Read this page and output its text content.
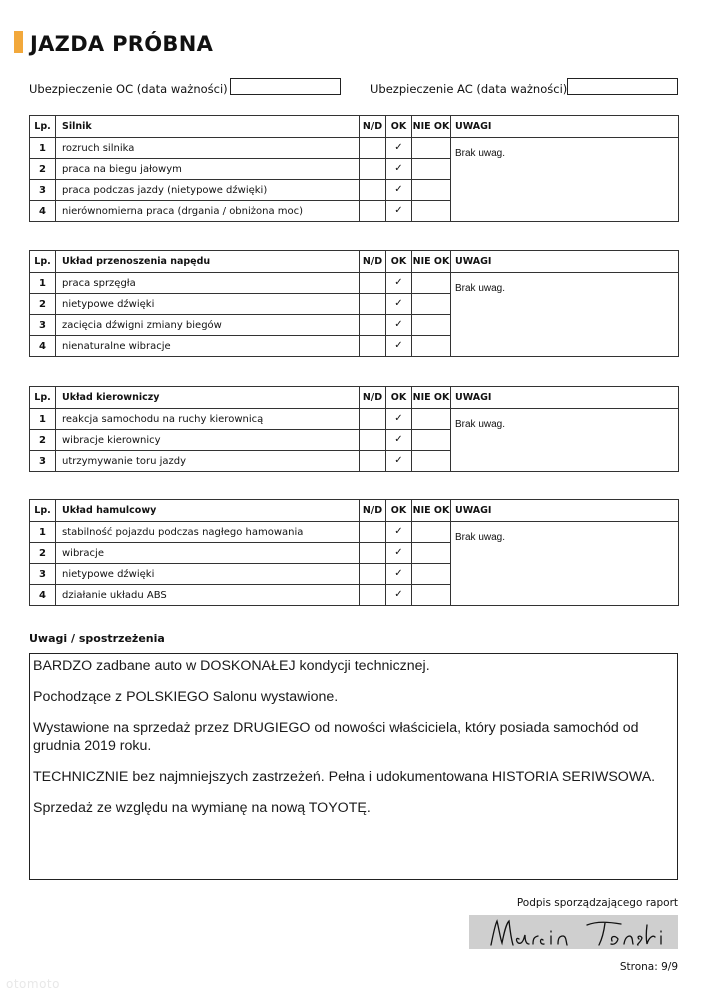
JAZDA PRÓBNA
Ubezpieczenie OC (data ważności)	Ubezpieczenie AC (data ważności)
Lp.	Silnik	N/D	OK	NIE OK	UWAGI
1	rozruch silnika		✓		Brak uwag.
2	praca na biegu jałowym		✓		
3	praca podczas jazdy (nietypowe dźwięki)		✓		
4	nierównomierna praca (drgania / obniżona moc)		✓		
Lp.	Układ przenoszenia napędu	N/D	OK	NIE OK	UWAGI
1	praca sprzęgła		✓		Brak uwag.
2	nietypowe dźwięki		✓		
3	zacięcia dźwigni zmiany biegów		✓		
4	nienaturalne wibracje		✓		
Lp.	Układ kierowniczy	N/D	OK	NIE OK	UWAGI
1	reakcja samochodu na ruchy kierownicą		✓		Brak uwag.
2	wibracje kierownicy		✓		
3	utrzymywanie toru jazdy		✓		
Lp.	Układ hamulcowy	N/D	OK	NIE OK	UWAGI
1	stabilność pojazdu podczas nagłego hamowania		✓		Brak uwag.
2	wibracje		✓		
3	nietypowe dźwięki		✓		
4	działanie układu ABS		✓		
Uwagi / spostrzeżenia

BARDZO zadbane auto w DOSKONAŁEJ kondycji technicznej.

Pochodzące z POLSKIEGO Salonu wystawione.

Wystawione na sprzedaż przez DRUGIEGO od nowości właściciela, który posiada samochód od grudnia 2019 roku.

TECHNICZNIE bez najmniejszych zastrzeżeń. Pełna i udokumentowana HISTORIA SERIWSOWA.

Sprzedaż ze względu na wymianę na nową TOYOTĘ.

Podpis sporządzającego raport
Strona: 9/9
otomoto
